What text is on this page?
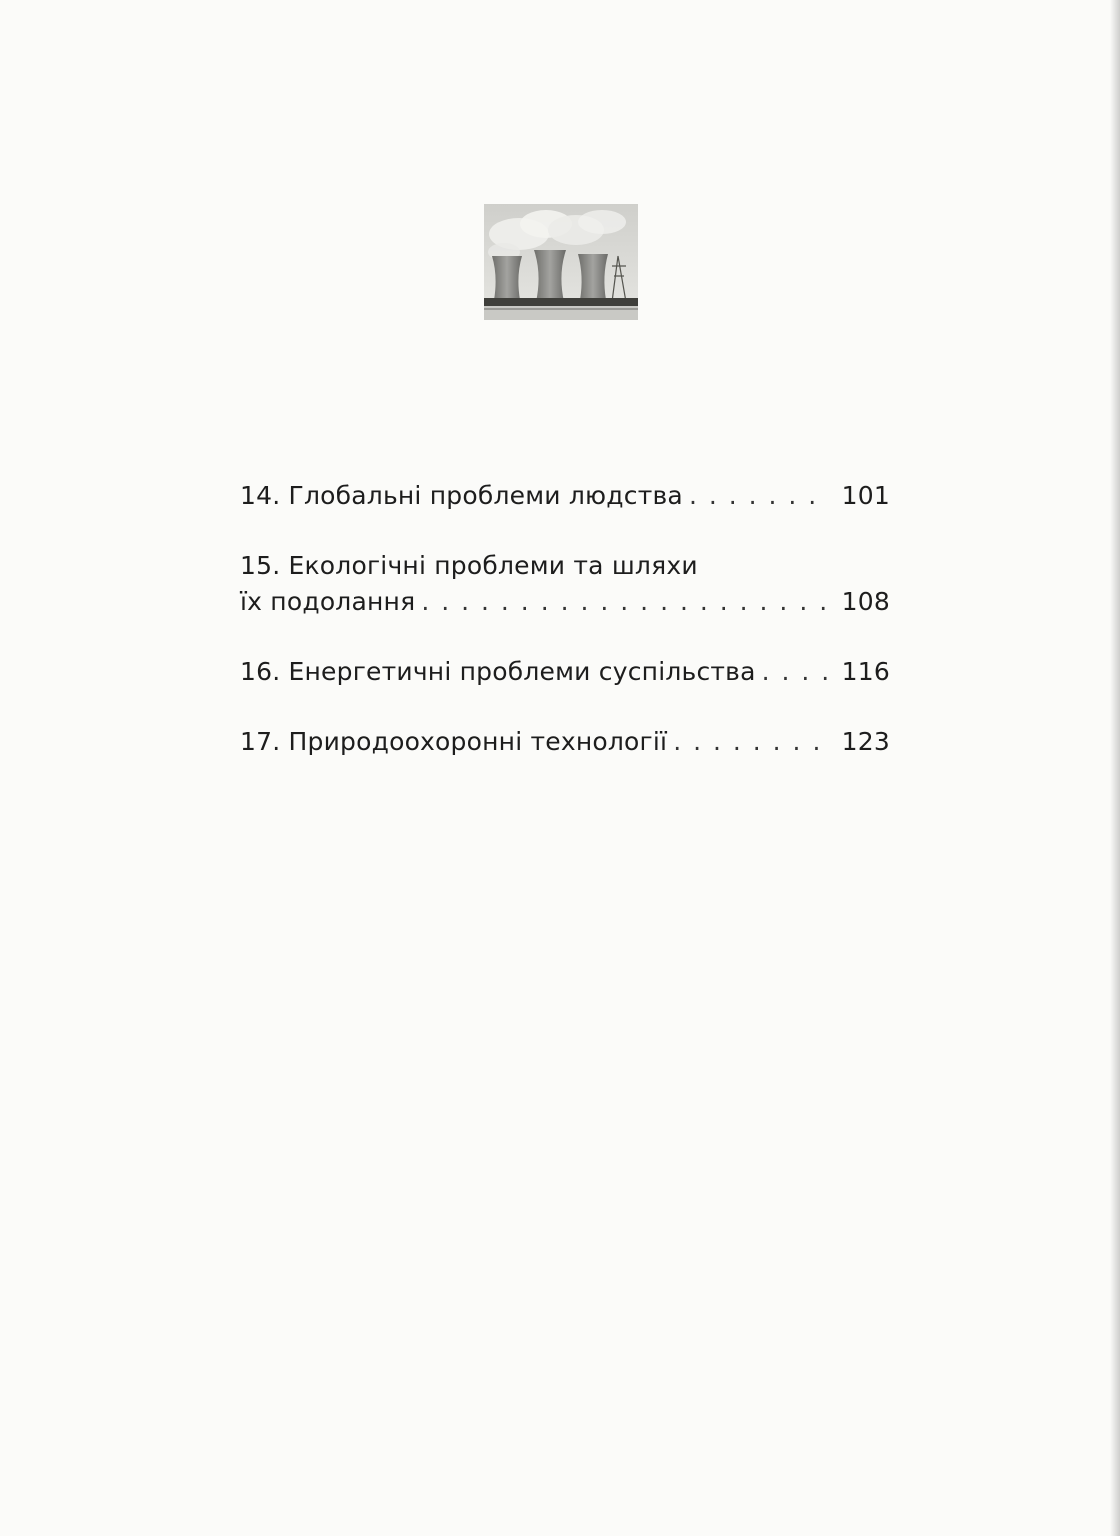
14. Глобальні проблеми людства . . .	101
15. Екологічні проблеми та шляхи
їх подолання . . .	108
16. Енергетичні проблеми суспільства . . .	116
17. Природоохоронні технології . . .	123
